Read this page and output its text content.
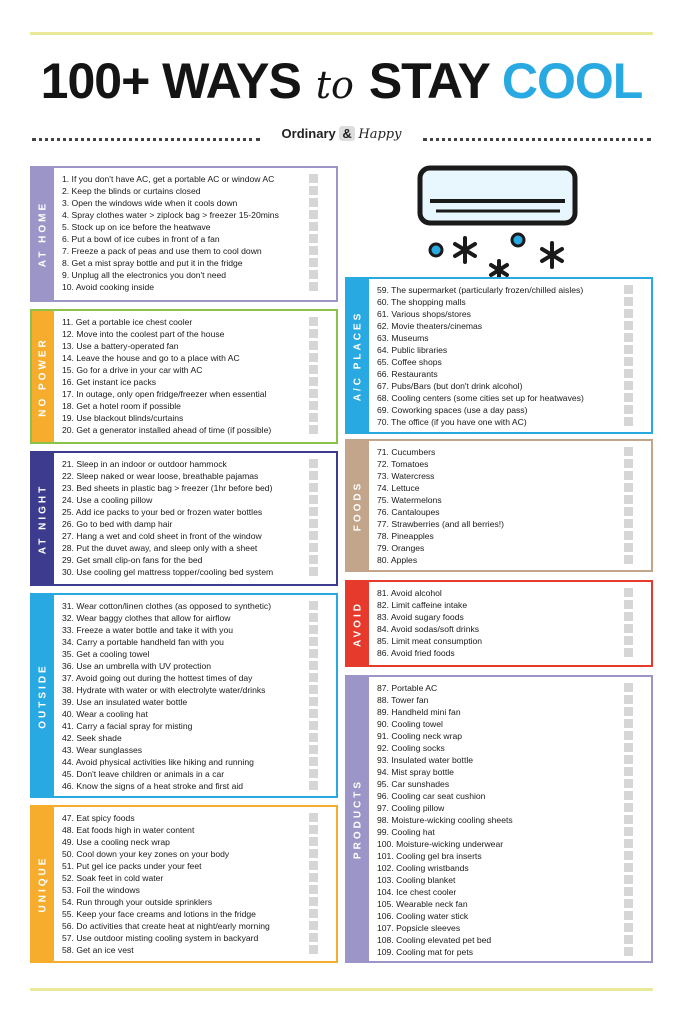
100+ WAYS to STAY COOL
Ordinary & Happy
AT HOME
1. If you don't have AC, get a portable AC or window AC
2. Keep the blinds or curtains closed
3. Open the windows wide when it cools down
4. Spray clothes water > ziplock bag > freezer 15-20mins
5. Stock up on ice before the heatwave
6. Put a bowl of ice cubes in front of a fan
7. Freeze a pack of peas and use them to cool down
8. Get a mist spray bottle and put it in the fridge
9. Unplug all the electronics you don't need
10. Avoid cooking inside
NO POWER
11. Get a portable ice chest cooler
12. Move into the coolest part of the house
13. Use a battery-operated fan
14. Leave the house and go to a place with AC
15. Go for a drive in your car with AC
16. Get instant ice packs
17. In outage, only open fridge/freezer when essential
18. Get a hotel room if possible
19. Use blackout blinds/curtains
20. Get a generator installed ahead of time (if possible)
AT NIGHT
21. Sleep in an indoor or outdoor hammock
22. Sleep naked or wear loose, breathable pajamas
23. Bed sheets in plastic bag > freezer (1hr before bed)
24. Use a cooling pillow
25. Add ice packs to your bed or frozen water bottles
26. Go to bed with damp hair
27. Hang a wet and cold sheet in front of the window
28. Put the duvet away, and sleep only with a sheet
29. Get small clip-on fans for the bed
30. Use cooling gel mattress topper/cooling bed system
OUTSIDE
31. Wear cotton/linen clothes (as opposed to synthetic)
32. Wear baggy clothes that allow for airflow
33. Freeze a water bottle and take it with you
34. Carry a portable handheld fan with you
35. Get a cooling towel
36. Use an umbrella with UV protection
37. Avoid going out during the hottest times of day
38. Hydrate with water or with electrolyte water/drinks
39. Use an insulated water bottle
40. Wear a cooling hat
41. Carry a facial spray for misting
42. Seek shade
43. Wear sunglasses
44. Avoid physical activities like hiking and running
45. Don't leave children or animals in a car
46. Know the signs of a heat stroke and first aid
UNIQUE
47. Eat spicy foods
48. Eat foods high in water content
49. Use a cooling neck wrap
50. Cool down your key zones on your body
51. Put gel ice packs under your feet
52. Soak feet in cold water
53. Foil the windows
54. Run through your outside sprinklers
55. Keep your face creams and lotions in the fridge
56. Do activities that create heat at night/early morning
57. Use outdoor misting cooling system in backyard
58. Get an ice vest
A/C PLACES
59. The supermarket (particularly frozen/chilled aisles)
60. The shopping malls
61. Various shops/stores
62. Movie theaters/cinemas
63. Museums
64. Public libraries
65. Coffee shops
66. Restaurants
67. Pubs/Bars (but don't drink alcohol)
68. Cooling centers (some cities set up for heatwaves)
69. Coworking spaces (use a day pass)
70. The office (if you have one with AC)
FOODS
71. Cucumbers
72. Tomatoes
73. Watercress
74. Lettuce
75. Watermelons
76. Cantaloupes
77. Strawberries (and all berries!)
78. Pineapples
79. Oranges
80. Apples
AVOID
81. Avoid alcohol
82. Limit caffeine intake
83. Avoid sugary foods
84. Avoid sodas/soft drinks
85. Limit meat consumption
86. Avoid fried foods
PRODUCTS
87. Portable AC
88. Tower fan
89. Handheld mini fan
90. Cooling towel
91. Cooling neck wrap
92. Cooling socks
93. Insulated water bottle
94. Mist spray bottle
95. Car sunshades
96. Cooling car seat cushion
97. Cooling pillow
98. Moisture-wicking cooling sheets
99. Cooling hat
100. Moisture-wicking underwear
101. Cooling gel bra inserts
102. Cooling wristbands
103. Cooling blanket
104. Ice chest cooler
105. Wearable neck fan
106. Cooling water stick
107. Popsicle sleeves
108. Cooling elevated pet bed
109. Cooling mat for pets
